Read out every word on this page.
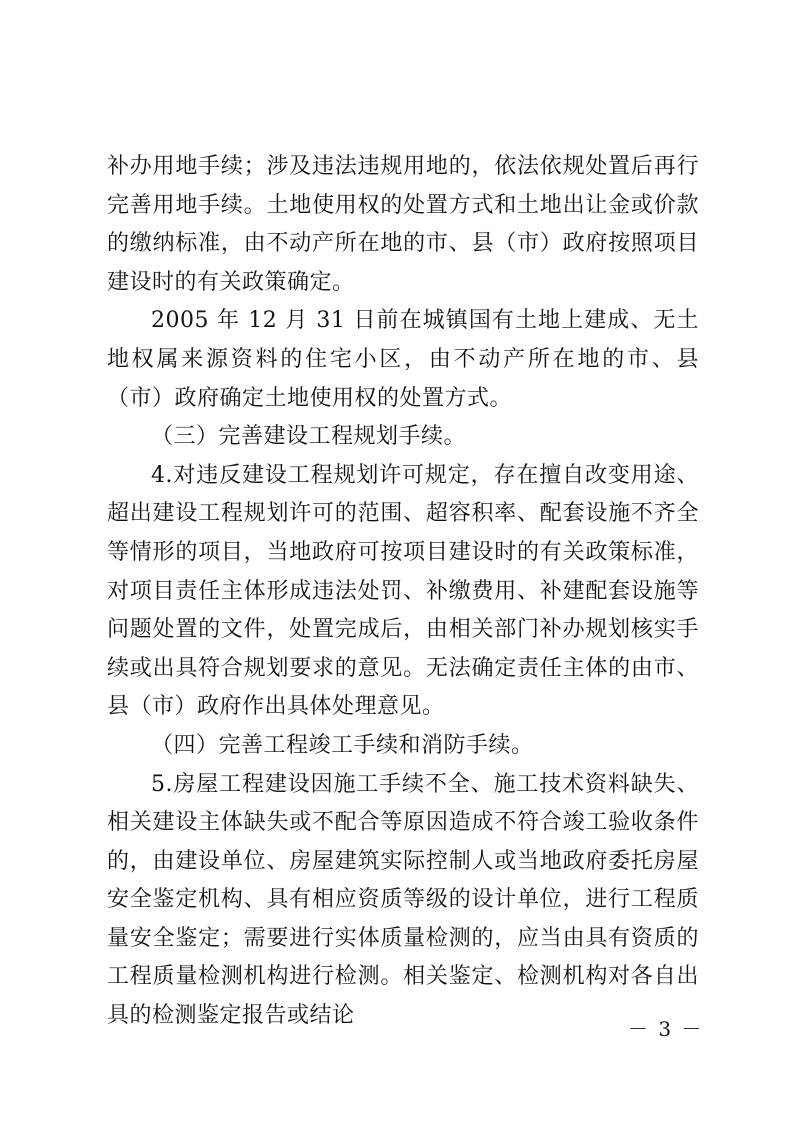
补办用地手续；涉及违法违规用地的，依法依规处置后再行完善用地手续。土地使用权的处置方式和土地出让金或价款的缴纳标准，由不动产所在地的市、县（市）政府按照项目建设时的有关政策确定。

2005 年 12 月 31 日前在城镇国有土地上建成、无土地权属来源资料的住宅小区，由不动产所在地的市、县（市）政府确定土地使用权的处置方式。

（三）完善建设工程规划手续。

4.对违反建设工程规划许可规定，存在擅自改变用途、超出建设工程规划许可的范围、超容积率、配套设施不齐全等情形的项目，当地政府可按项目建设时的有关政策标准，对项目责任主体形成违法处罚、补缴费用、补建配套设施等问题处置的文件，处置完成后，由相关部门补办规划核实手续或出具符合规划要求的意见。无法确定责任主体的由市、县（市）政府作出具体处理意见。

（四）完善工程竣工手续和消防手续。

5.房屋工程建设因施工手续不全、施工技术资料缺失、相关建设主体缺失或不配合等原因造成不符合竣工验收条件的，由建设单位、房屋建筑实际控制人或当地政府委托房屋安全鉴定机构、具有相应资质等级的设计单位，进行工程质量安全鉴定；需要进行实体质量检测的，应当由具有资质的工程质量检测机构进行检测。相关鉴定、检测机构对各自出具的检测鉴定报告或结论

－ 3 －
